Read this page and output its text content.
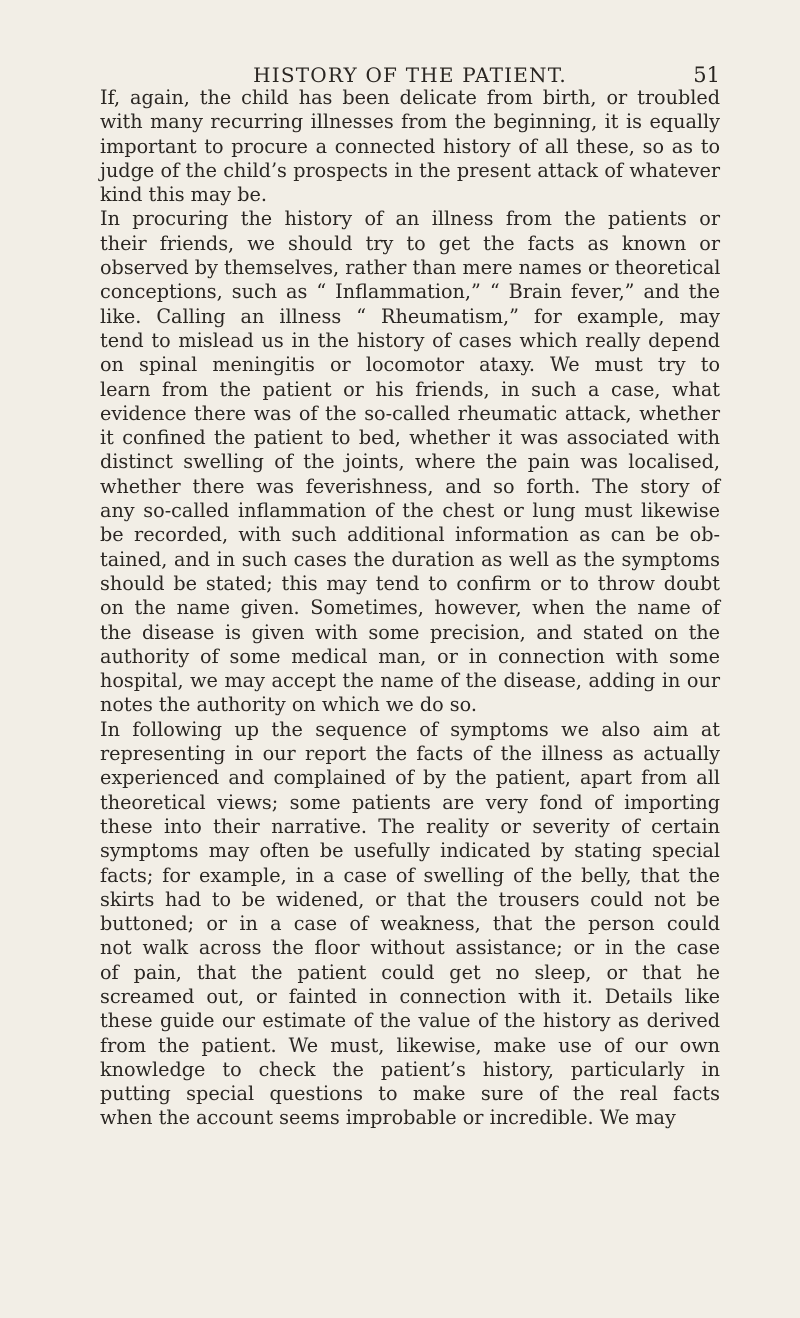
HISTORY OF THE PATIENT.	51

If, again, the child has been delicate from birth, or troubled
with many recurring illnesses from the beginning, it is equally
important to procure a connected history of all these, so as to
judge of the child’s prospects in the present attack of whatever
kind this may be.

In procuring the history of an illness from the patients or
their friends, we should try to get the facts as known or
observed by themselves, rather than mere names or theoretical
conceptions, such as “ Inflammation,” “ Brain fever,” and the
like. Calling an illness “ Rheumatism,” for example, may
tend to mislead us in the history of cases which really depend
on spinal meningitis or locomotor ataxy. We must try to
learn from the patient or his friends, in such a case, what
evidence there was of the so-called rheumatic attack, whether
it confined the patient to bed, whether it was associated with
distinct swelling of the joints, where the pain was localised,
whether there was feverishness, and so forth. The story of
any so-called inflammation of the chest or lung must likewise
be recorded, with such additional information as can be ob-
tained, and in such cases the duration as well as the symptoms
should be stated; this may tend to confirm or to throw doubt
on the name given. Sometimes, however, when the name of
the disease is given with some precision, and stated on the
authority of some medical man, or in connection with some
hospital, we may accept the name of the disease, adding in our
notes the authority on which we do so.

In following up the sequence of symptoms we also aim at
representing in our report the facts of the illness as actually
experienced and complained of by the patient, apart from all
theoretical views; some patients are very fond of importing
these into their narrative. The reality or severity of certain
symptoms may often be usefully indicated by stating special
facts; for example, in a case of swelling of the belly, that the
skirts had to be widened, or that the trousers could not be
buttoned; or in a case of weakness, that the person could
not walk across the floor without assistance; or in the case
of pain, that the patient could get no sleep, or that he
screamed out, or fainted in connection with it. Details like
these guide our estimate of the value of the history as derived
from the patient. We must, likewise, make use of our own
knowledge to check the patient’s history, particularly in
putting special questions to make sure of the real facts
when the account seems improbable or incredible. We may
